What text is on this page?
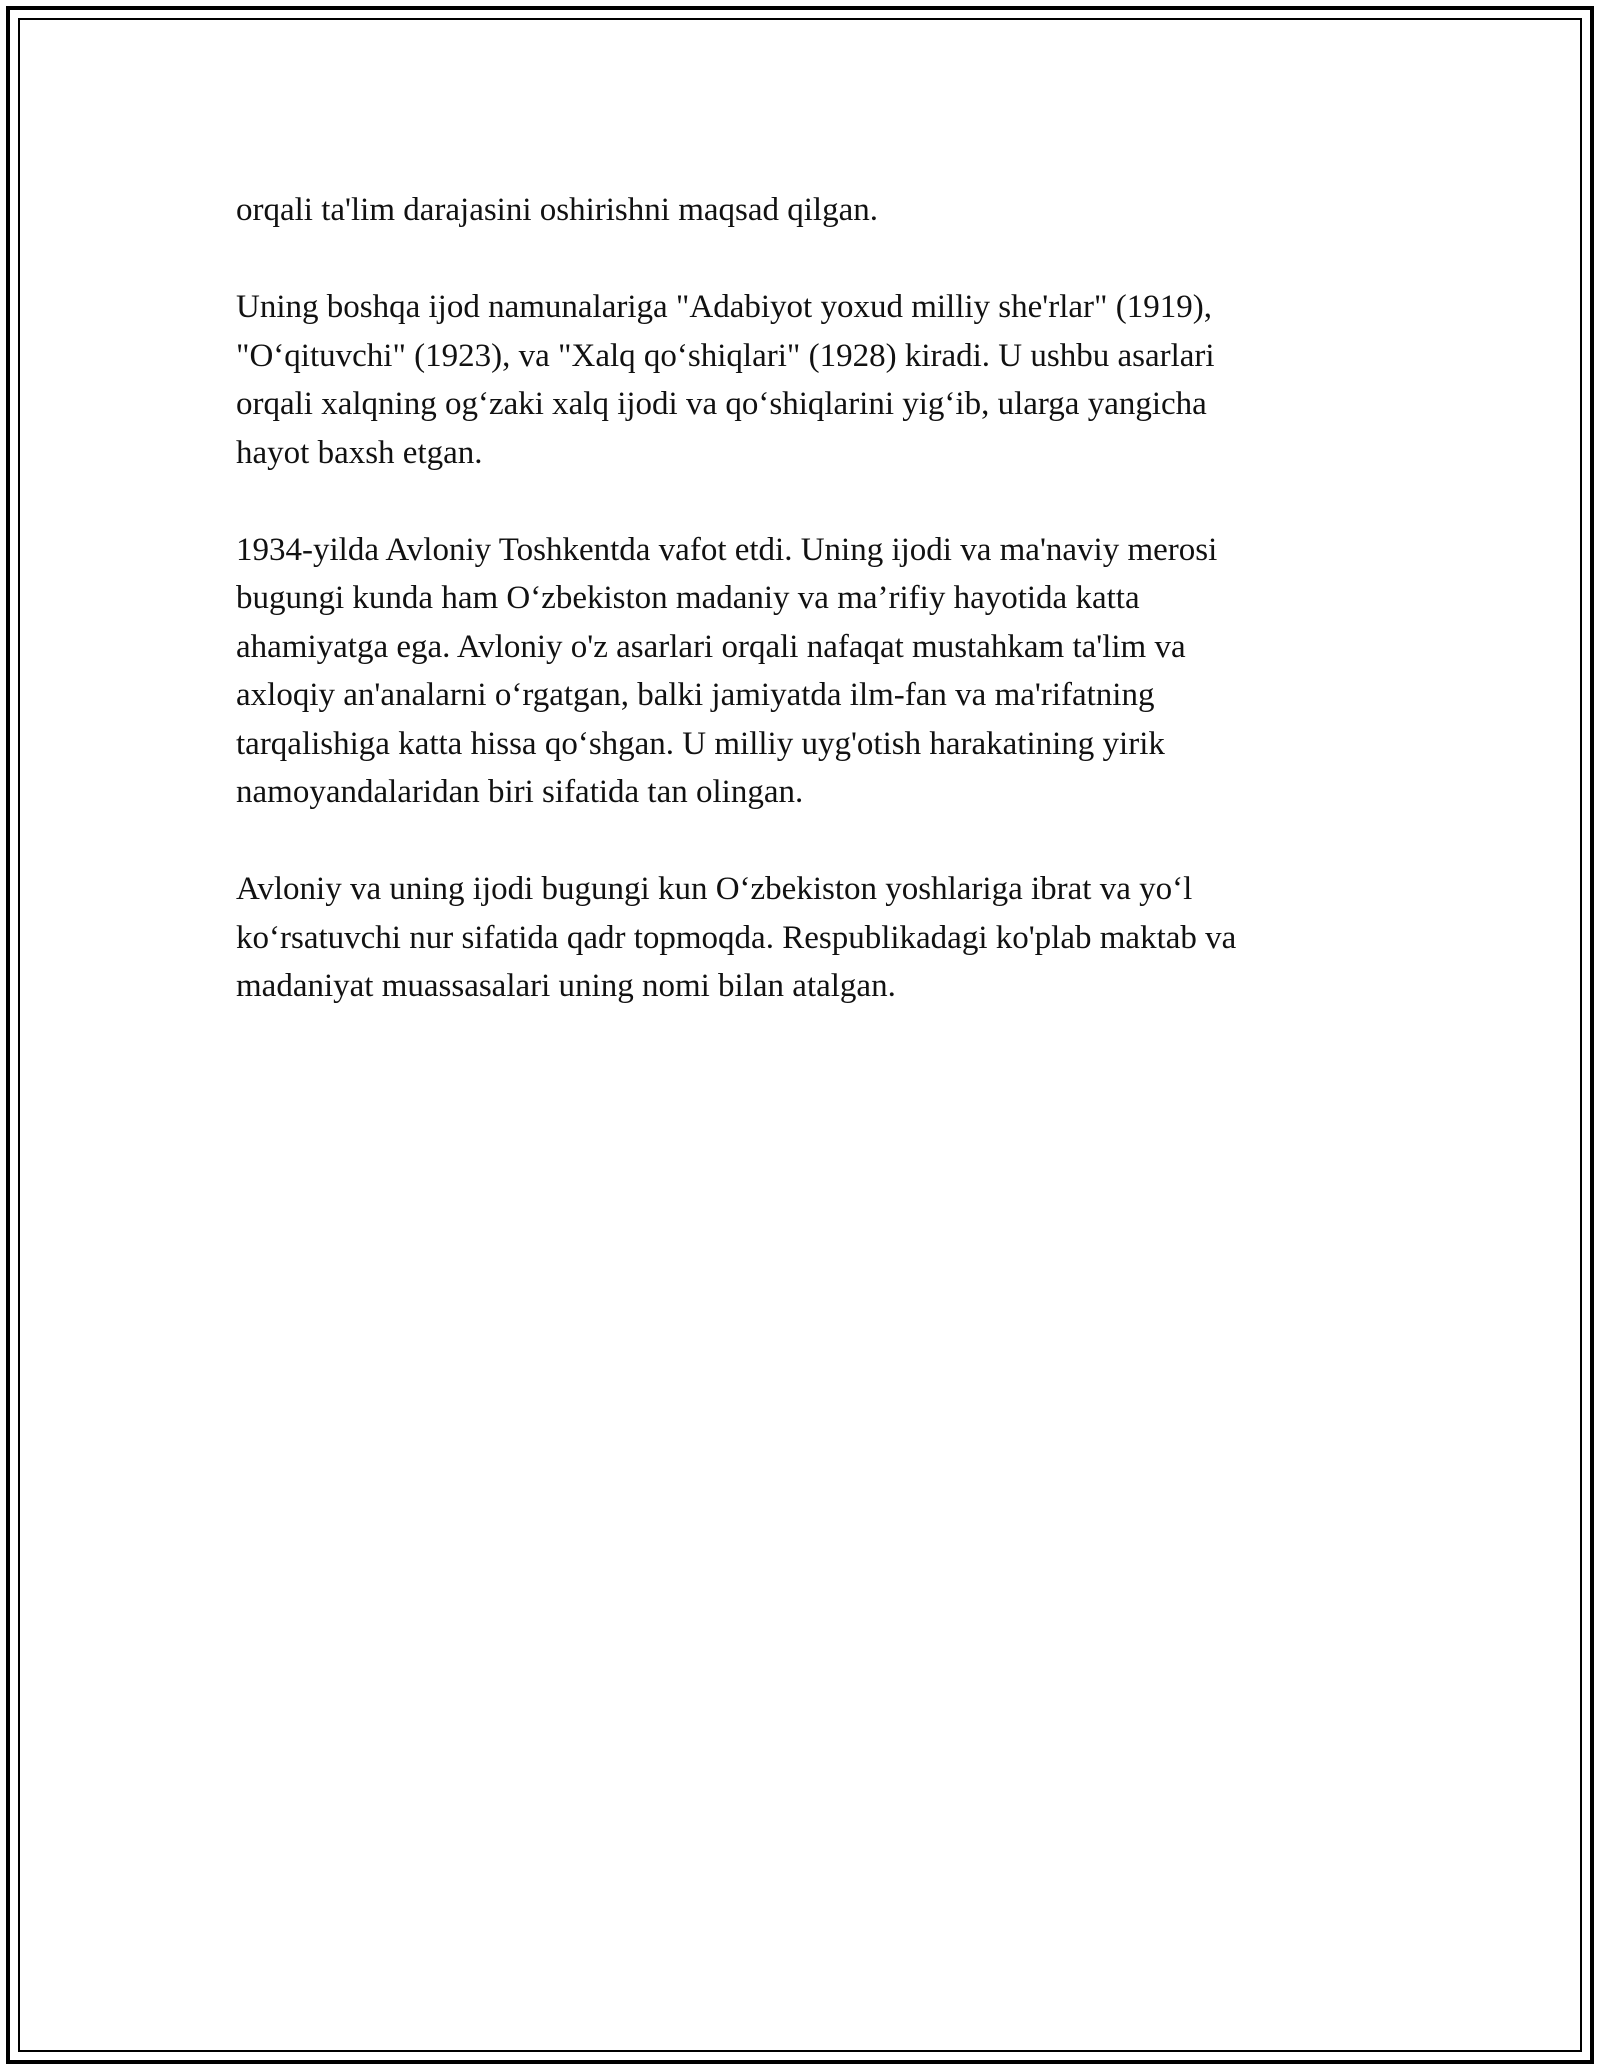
orqali ta'lim darajasini oshirishni maqsad qilgan.

Uning boshqa ijod namunalariga "Adabiyot yoxud milliy she'rlar" (1919),
"O‘qituvchi" (1923), va "Xalq qo‘shiqlari" (1928) kiradi. U ushbu asarlari
orqali xalqning og‘zaki xalq ijodi va qo‘shiqlarini yig‘ib, ularga yangicha
hayot baxsh etgan.

1934-yilda Avloniy Toshkentda vafot etdi. Uning ijodi va ma'naviy merosi
bugungi kunda ham O‘zbekiston madaniy va ma’rifiy hayotida katta
ahamiyatga ega. Avloniy o'z asarlari orqali nafaqat mustahkam ta'lim va
axloqiy an'analarni o‘rgatgan, balki jamiyatda ilm-fan va ma'rifatning
tarqalishiga katta hissa qo‘shgan. U milliy uyg'otish harakatining yirik
namoyandalaridan biri sifatida tan olingan.

Avloniy va uning ijodi bugungi kun O‘zbekiston yoshlariga ibrat va yo‘l
ko‘rsatuvchi nur sifatida qadr topmoqda. Respublikadagi ko'plab maktab va
madaniyat muassasalari uning nomi bilan atalgan.
